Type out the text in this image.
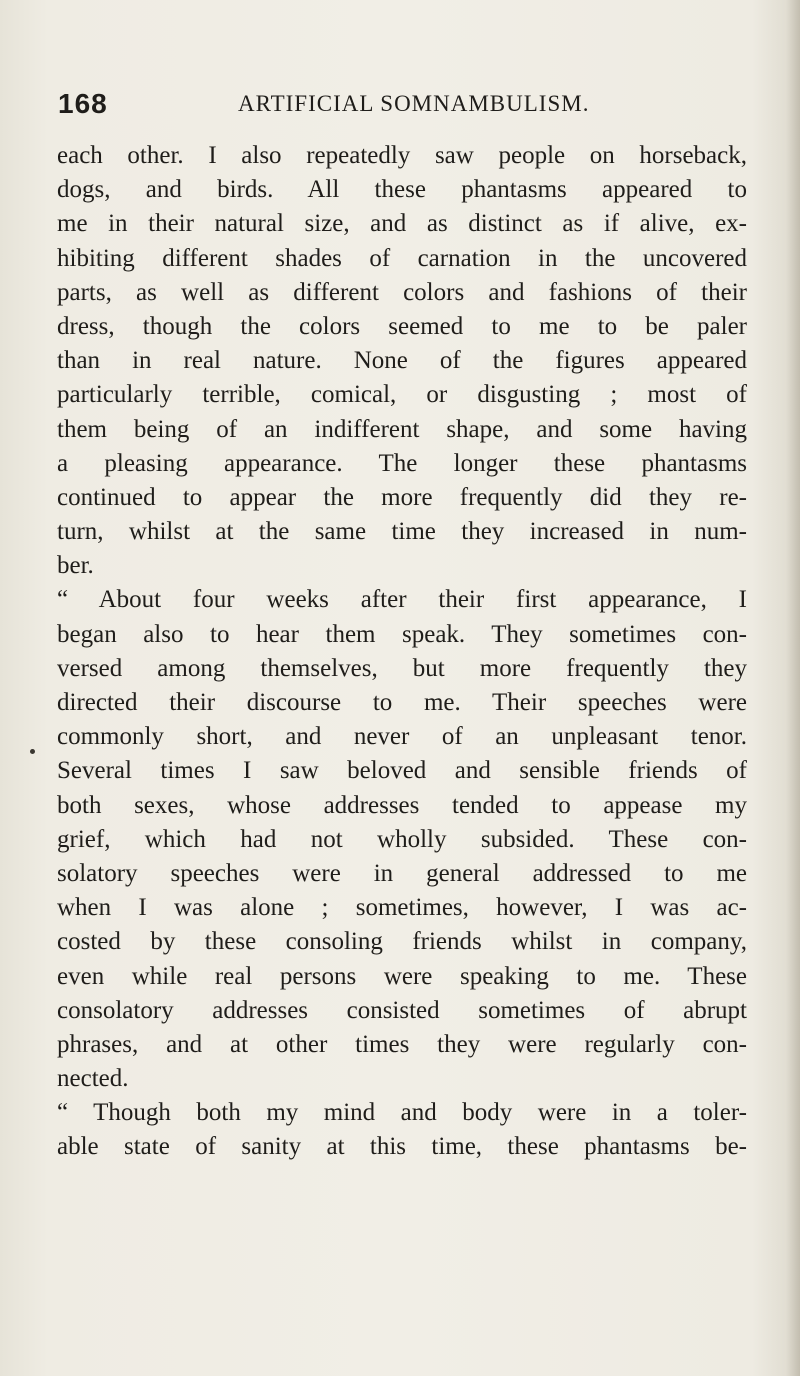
168	ARTIFICIAL SOMNAMBULISM.
each other. I also repeatedly saw people on horseback,
dogs, and birds. All these phantasms appeared to
me in their natural size, and as distinct as if alive, ex-
hibiting different shades of carnation in the uncovered
parts, as well as different colors and fashions of their
dress, though the colors seemed to me to be paler
than in real nature. None of the figures appeared
particularly terrible, comical, or disgusting ; most of
them being of an indifferent shape, and some having
a pleasing appearance. The longer these phantasms
continued to appear the more frequently did they re-
turn, whilst at the same time they increased in num-
ber.
“ About four weeks after their first appearance, I
began also to hear them speak. They sometimes con-
versed among themselves, but more frequently they
directed their discourse to me. Their speeches were
commonly short, and never of an unpleasant tenor.
Several times I saw beloved and sensible friends of
both sexes, whose addresses tended to appease my
grief, which had not wholly subsided. These con-
solatory speeches were in general addressed to me
when I was alone ; sometimes, however, I was ac-
costed by these consoling friends whilst in company,
even while real persons were speaking to me. These
consolatory addresses consisted sometimes of abrupt
phrases, and at other times they were regularly con-
nected.
“ Though both my mind and body were in a toler-
able state of sanity at this time, these phantasms be-
